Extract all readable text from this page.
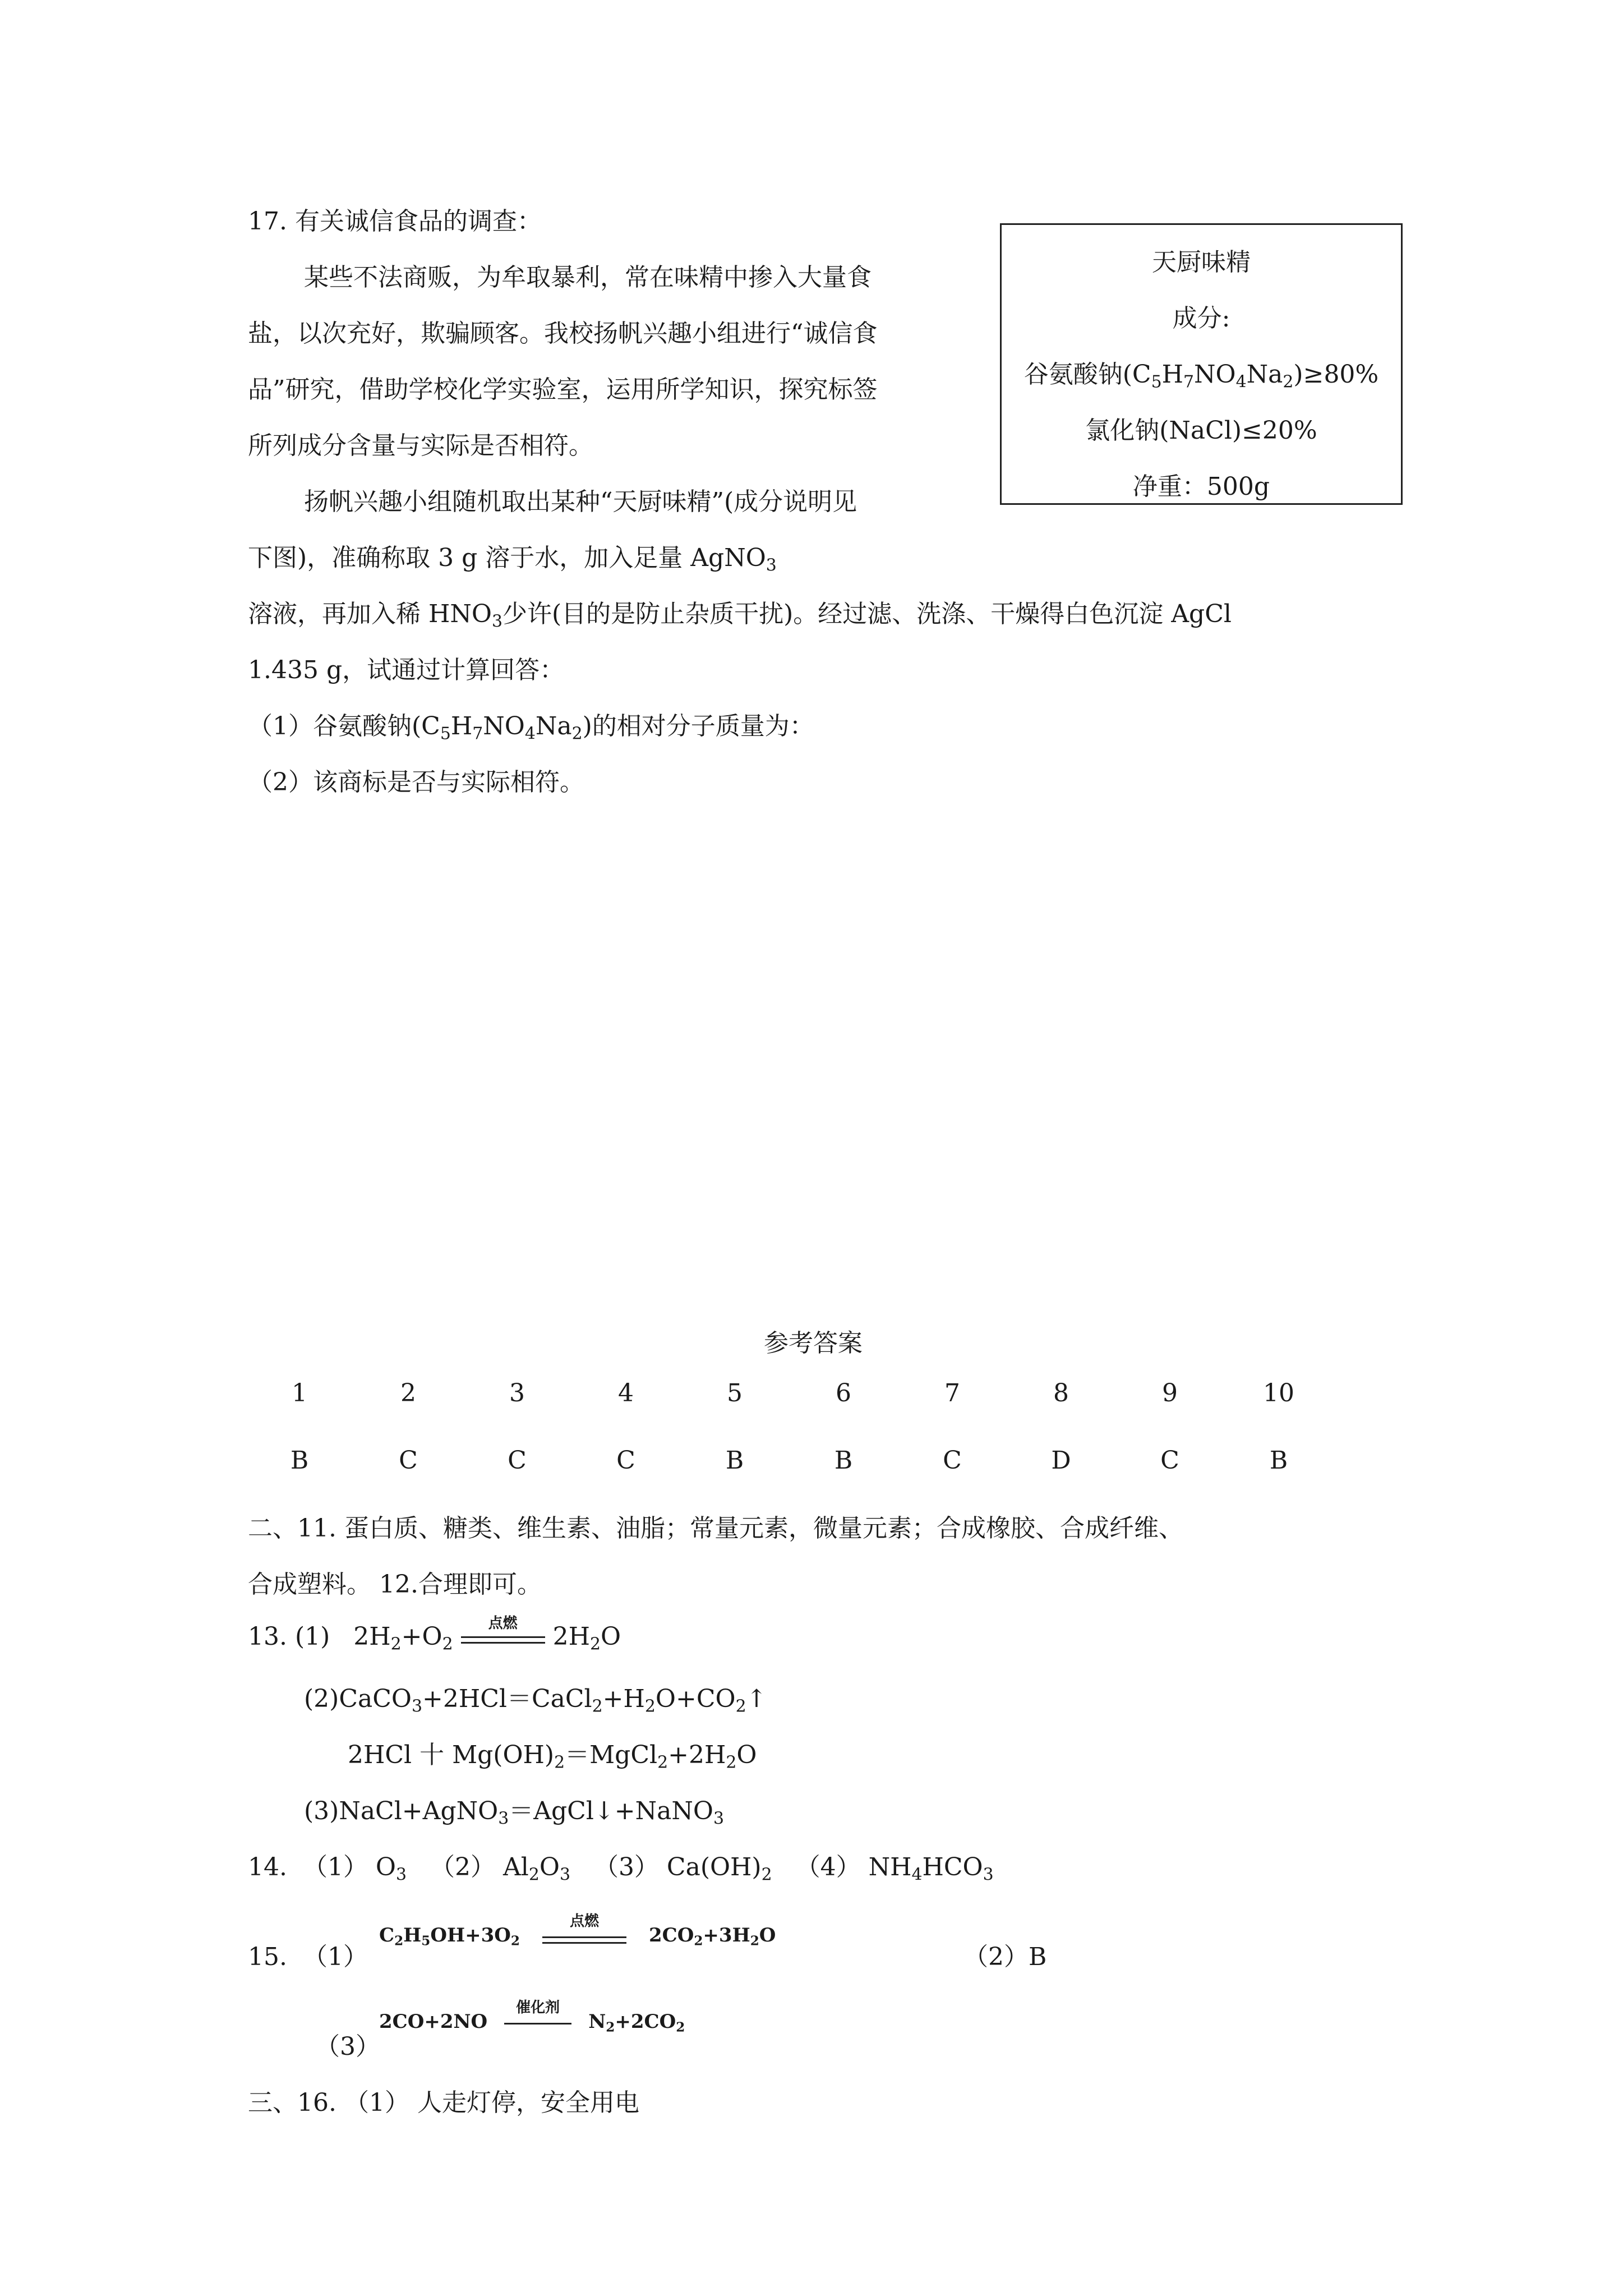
17. 有关诚信食品的调查：
某些不法商贩，为牟取暴利，常在味精中掺入大量食
盐，以次充好，欺骗顾客。我校扬帆兴趣小组进行“诚信食
品”研究，借助学校化学实验室，运用所学知识，探究标签
所列成分含量与实际是否相符。
扬帆兴趣小组随机取出某种“天厨味精”(成分说明见
下图)，准确称取 3 g 溶于水，加入足量 AgNO$_3$
溶液，再加入稀 $HNO_3$少许(目的是防止杂质干扰)。经过滤、洗涤、干燥得白色沉淀 AgCl
1.435 g，试通过计算回答：
（1）谷氨酸钠$(C_5H_7NO_4Na_2)$的相对分子质量为：
（2）该商标是否与实际相符。
天厨味精
成分:
谷氨酸钠$(C_5H_7NO_4Na_2)\ge 80\%$
氯化钠(NaCl)≤20%
净重：500g
参考答案
1	2	3	4	5	6	7	8	9	10
B	C	C	C	B	B	C	D	C	B
二、11. 蛋白质、糖类、维生素、油脂；常量元素，微量元素；合成橡胶、合成纤维、
合成塑料。 12.合理即可。
13. (1)   $2H_2+O_2$
点燃	$2H_2O$
$(2)CaCO_3+2HCl=CaCl_2+H_2O+CO_2↑$
2HCl 十 $Mg(OH)_2=MgCl_2+2H_2O$
(3)NaCl+AgNO$_3$＝AgCl↓+NaNO$_3$
14.  （1） $O_3$   （2） $Al_2O_3$   （3） $Ca(OH)_2$   （4） $NH_4HCO_3$
15.  （1）
$C_2H_5OH+3O_2$
点燃
$2CO_2+3H_2O$
（2）B
（3）
2CO+2NO
催化剂
$N_2+2CO_2$
三、16. （1） 人走灯停，安全用电
